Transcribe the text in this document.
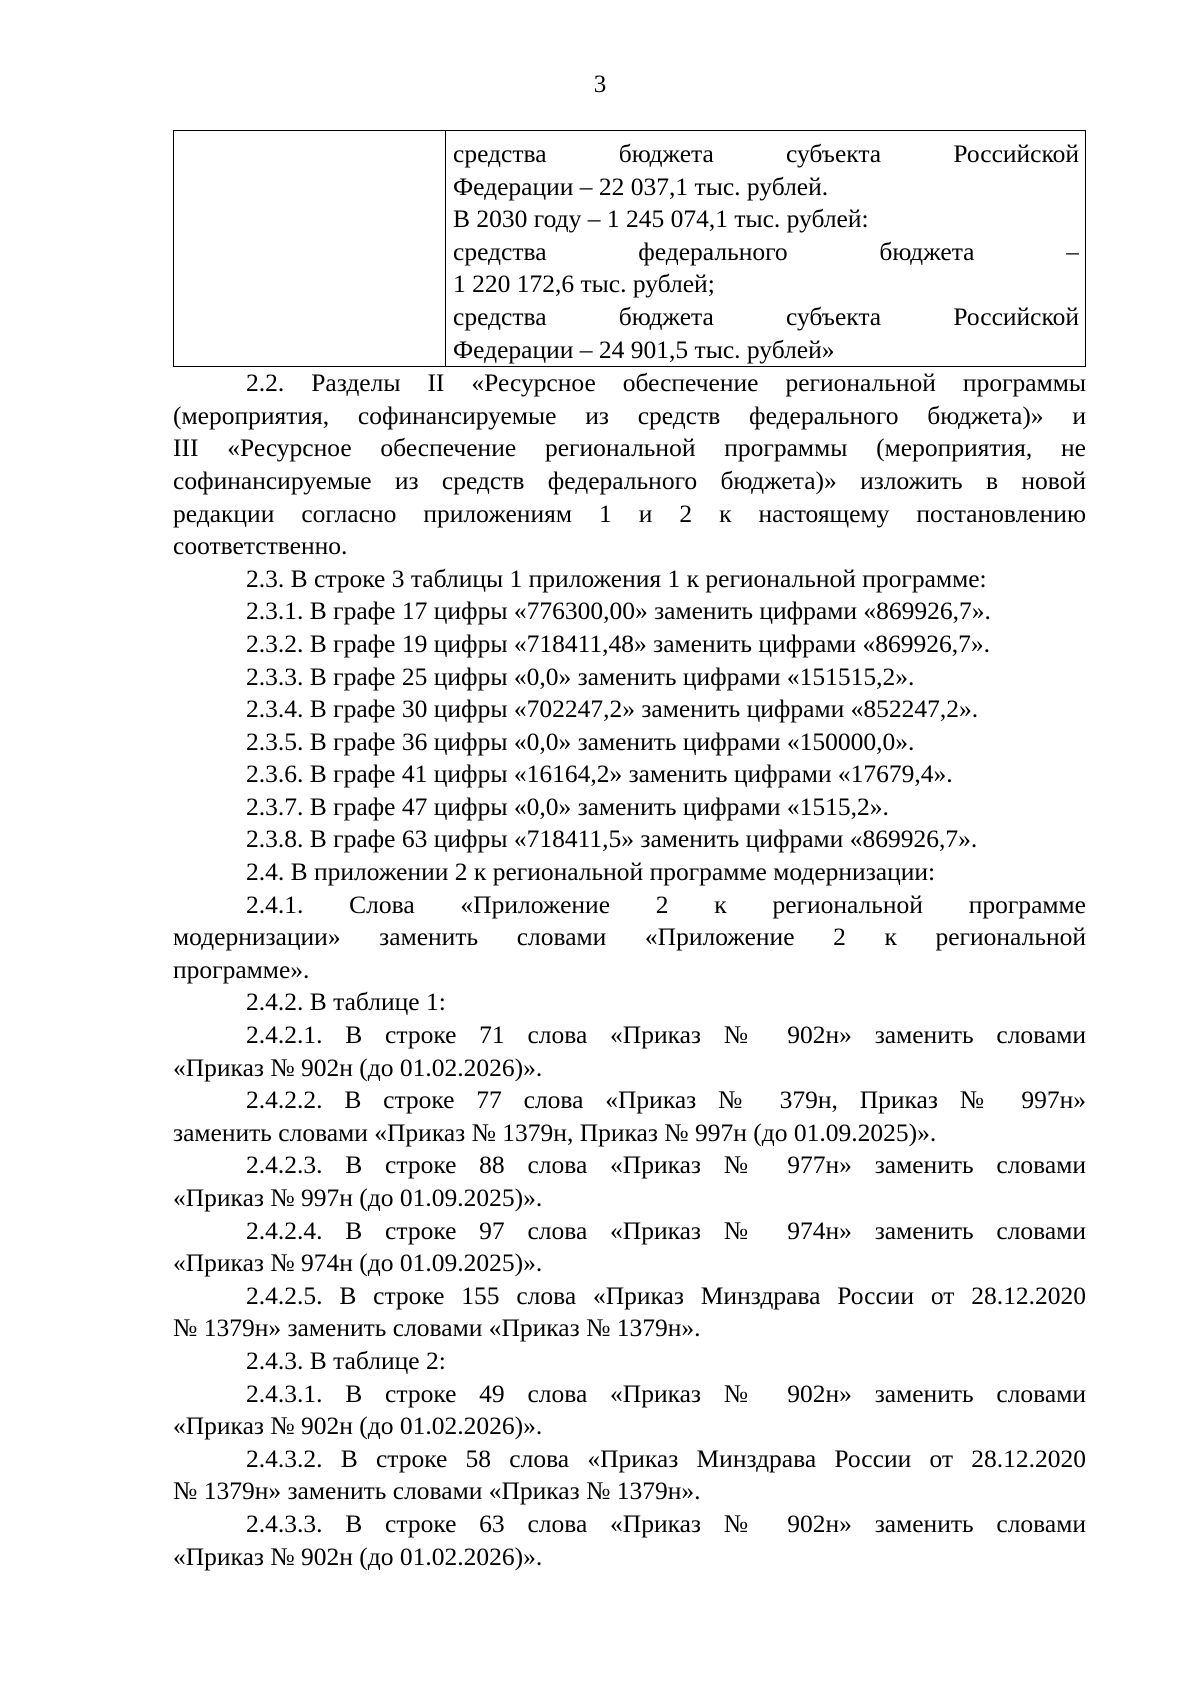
3

средства бюджета субъекта Российской
Федерации – 22 037,1 тыс. рублей.
В 2030 году – 1 245 074,1 тыс. рублей:
средства федерального бюджета –
1 220 172,6 тыс. рублей;
средства бюджета субъекта Российской
Федерации – 24 901,5 тыс. рублей»
2.2. Разделы II «Ресурсное обеспечение региональной программы
(мероприятия, софинансируемые из средств федерального бюджета)» и
III «Ресурсное обеспечение региональной программы (мероприятия, не
софинансируемые из средств федерального бюджета)» изложить в новой
редакции согласно приложениям 1 и 2 к настоящему постановлению
соответственно.
2.3. В строке 3 таблицы 1 приложения 1 к региональной программе:
2.3.1. В графе 17 цифры «776300,00» заменить цифрами «869926,7».
2.3.2. В графе 19 цифры «718411,48» заменить цифрами «869926,7».
2.3.3. В графе 25 цифры «0,0» заменить цифрами «151515,2».
2.3.4. В графе 30 цифры «702247,2» заменить цифрами «852247,2».
2.3.5. В графе 36 цифры «0,0» заменить цифрами «150000,0».
2.3.6. В графе 41 цифры «16164,2» заменить цифрами «17679,4».
2.3.7. В графе 47 цифры «0,0» заменить цифрами «1515,2».
2.3.8. В графе 63 цифры «718411,5» заменить цифрами «869926,7».
2.4. В приложении 2 к региональной программе модернизации:
2.4.1. Слова «Приложение 2 к региональной программе
модернизации» заменить словами «Приложение 2 к региональной
программе».
2.4.2. В таблице 1:
2.4.2.1. В строке 71 слова «Приказ № 902н» заменить словами
«Приказ № 902н (до 01.02.2026)».
2.4.2.2. В строке 77 слова «Приказ № 379н, Приказ № 997н»
заменить словами «Приказ № 1379н, Приказ № 997н (до 01.09.2025)».
2.4.2.3. В строке 88 слова «Приказ № 977н» заменить словами
«Приказ № 997н (до 01.09.2025)».
2.4.2.4. В строке 97 слова «Приказ № 974н» заменить словами
«Приказ № 974н (до 01.09.2025)».
2.4.2.5. В строке 155 слова «Приказ Минздрава России от 28.12.2020
№ 1379н» заменить словами «Приказ № 1379н».
2.4.3. В таблице 2:
2.4.3.1. В строке 49 слова «Приказ № 902н» заменить словами
«Приказ № 902н (до 01.02.2026)».
2.4.3.2. В строке 58 слова «Приказ Минздрава России от 28.12.2020
№ 1379н» заменить словами «Приказ № 1379н».
2.4.3.3. В строке 63 слова «Приказ № 902н» заменить словами
«Приказ № 902н (до 01.02.2026)».
